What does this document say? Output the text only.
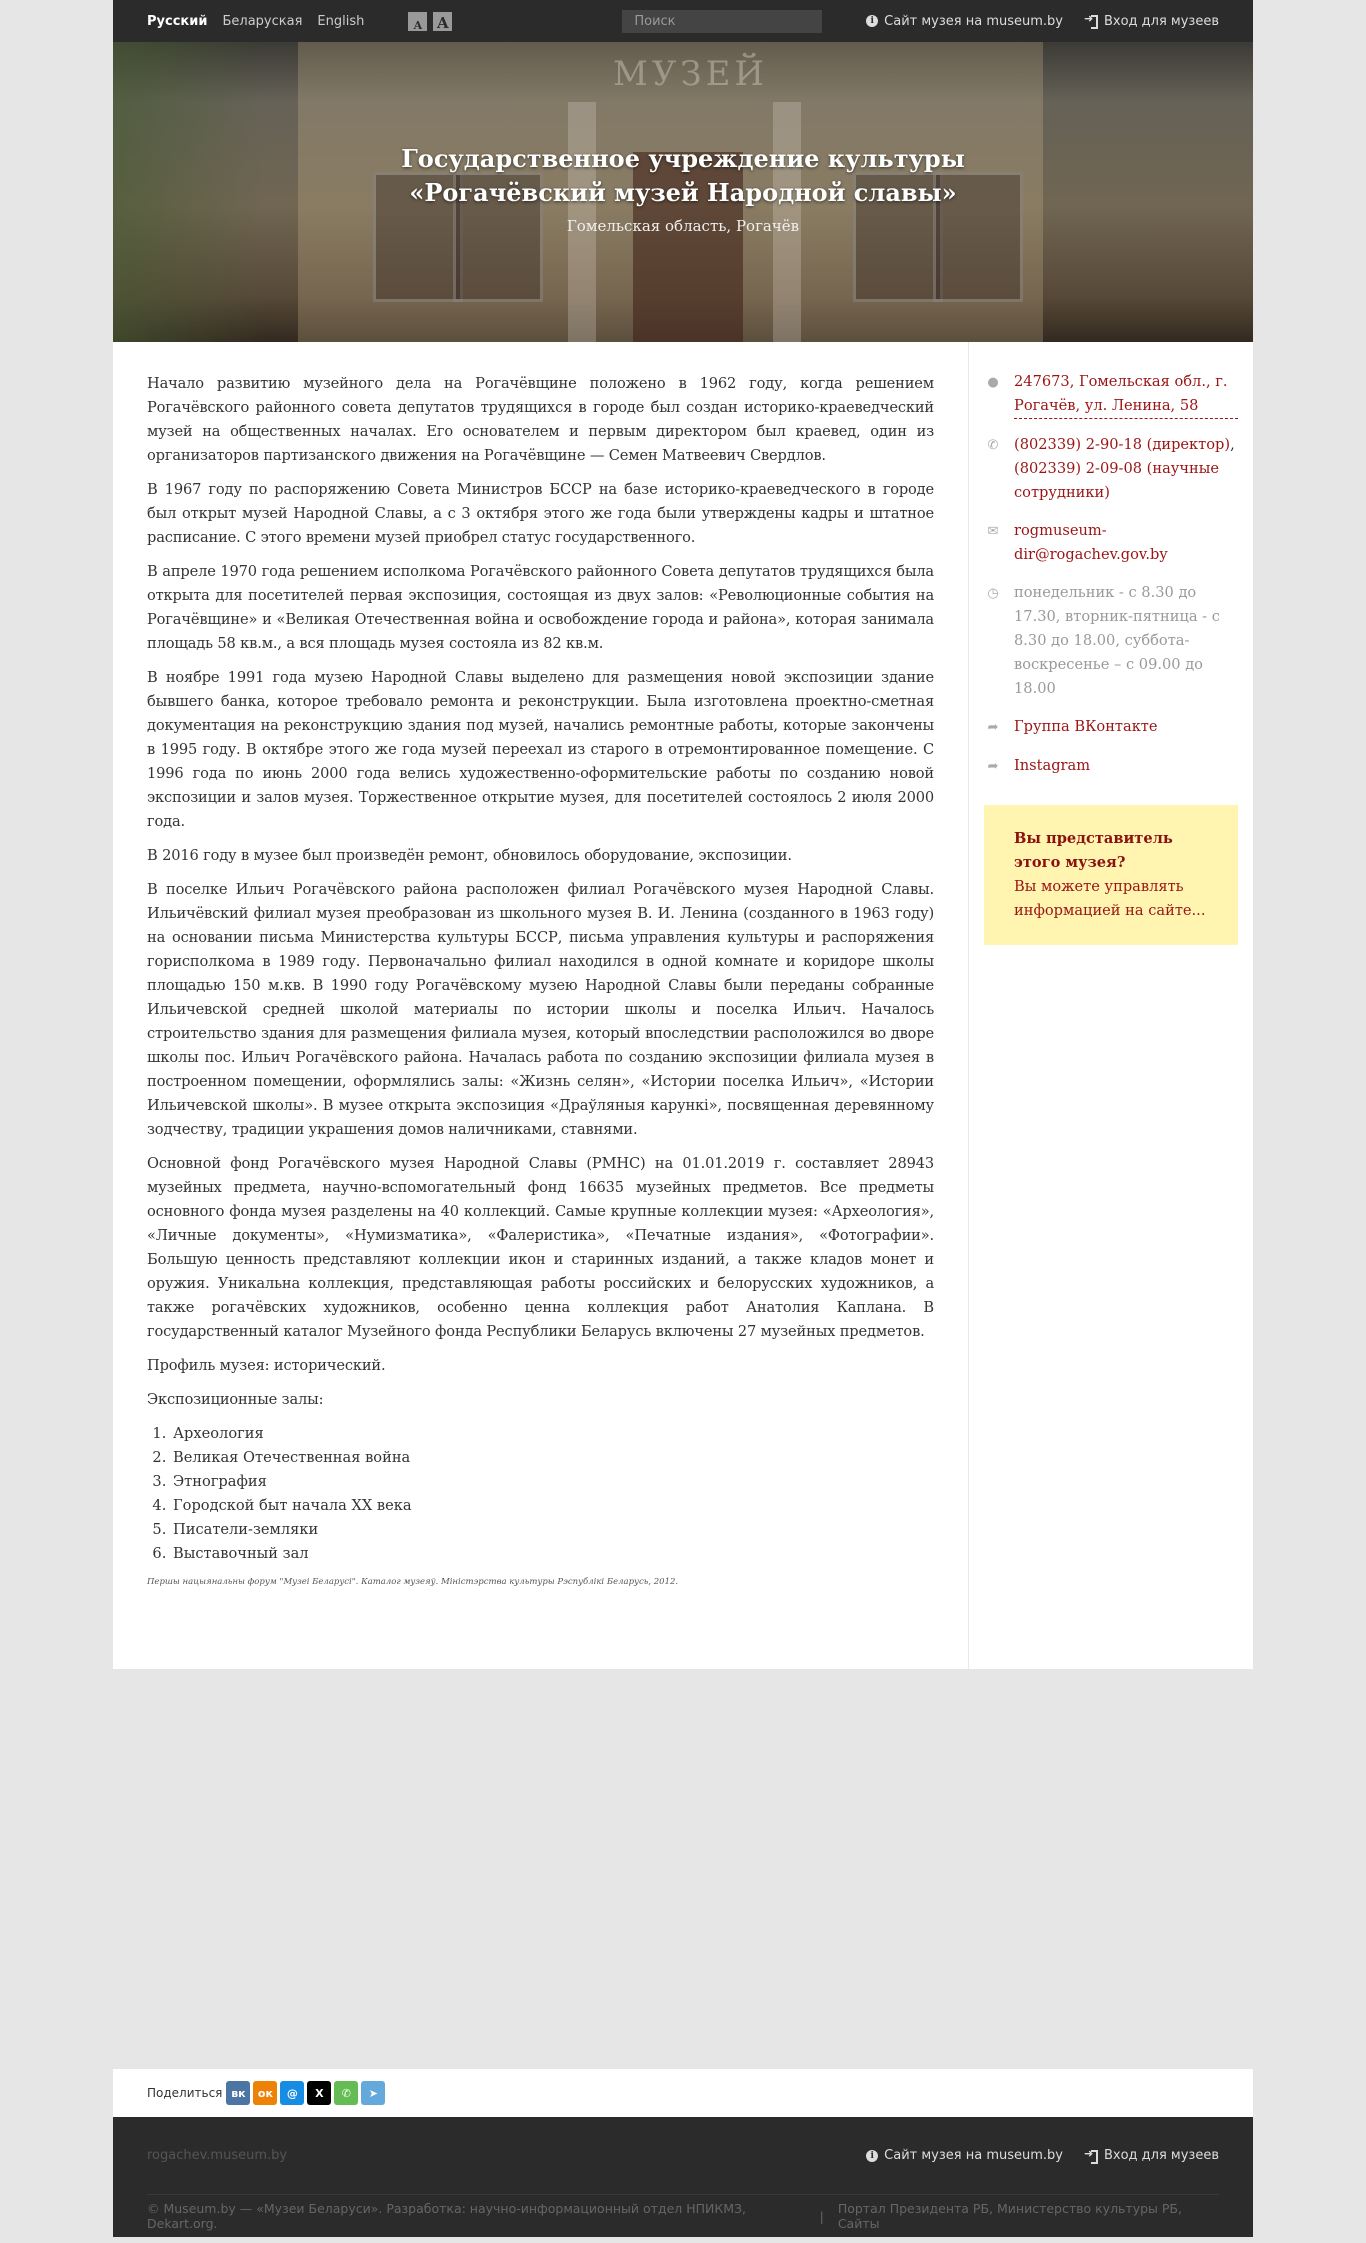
Русский Беларуская English	A A
Поиск	i Сайт музея на museum.by ➜	Вход для музеев
МУЗЕЙ
Государственное учреждение культуры «Рогачёвский музей Народной славы»
Гомельская область, Рогачёв

Начало развитию музейного дела на Рогачёвщине положено в 1962 году, когда решением Рогачёвского районного совета депутатов трудящихся в городе был создан историко-краеведческий музей на общественных началах. Его основателем и первым директором был краевед, один из организаторов партизанского движения на Рогачёвщине — Семен Матвеевич Свердлов.

В 1967 году по распоряжению Совета Министров БССР на базе историко-краеведческого в городе был открыт музей Народной Славы, а с 3 октября этого же года были утверждены кадры и штатное расписание. С этого времени музей приобрел статус государственного.

В апреле 1970 года решением исполкома Рогачёвского районного Совета депутатов трудящихся была открыта для посетителей первая экспозиция, состоящая из двух залов: «Революционные события на Рогачёвщине» и «Великая Отечественная война и освобождение города и района», которая занимала площадь 58 кв.м., а вся площадь музея состояла из 82 кв.м.

В ноябре 1991 года музею Народной Славы выделено для размещения новой экспозиции здание бывшего банка, которое требовало ремонта и реконструкции. Была изготовлена проектно-сметная документация на реконструкцию здания под музей, начались ремонтные работы, которые закончены в 1995 году. В октябре этого же года музей переехал из старого в отремонтированное помещение. С 1996 года по июнь 2000 года велись художественно-оформительские работы по созданию новой экспозиции и залов музея. Торжественное открытие музея, для посетителей состоялось 2 июля 2000 года.

В 2016 году в музее был произведён ремонт, обновилось оборудование, экспозиции.

В поселке Ильич Рогачёвского района расположен филиал Рогачёвского музея Народной Славы. Ильичёвский филиал музея преобразован из школьного музея В. И. Ленина (созданного в 1963 году) на основании письма Министерства культуры БССР, письма управления культуры и распоряжения горисполкома в 1989 году. Первоначально филиал находился в одной комнате и коридоре школы площадью 150 м.кв. В 1990 году Рогачёвскому музею Народной Славы были переданы собранные Ильичевской средней школой материалы по истории школы и поселка Ильич. Началось строительство здания для размещения филиала музея, который впоследствии расположился во дворе школы пос. Ильич Рогачёвского района. Началась работа по созданию экспозиции филиала музея в построенном помещении, оформлялись залы: «Жизнь селян», «Истории поселка Ильич», «Истории Ильичевской школы». В музее открыта экспозиция «Драўляныя карункі», посвященная деревянному зодчеству, традиции украшения домов наличниками, ставнями.

Основной фонд Рогачёвского музея Народной Славы (РМНС) на 01.01.2019 г. составляет 28943 музейных предмета, научно-вспомогательный фонд 16635 музейных предметов. Все предметы основного фонда музея разделены на 40 коллекций. Самые крупные коллекции музея: «Археология», «Личные документы», «Нумизматика», «Фалеристика», «Печатные издания», «Фотографии». Большую ценность представляют коллекции икон и старинных изданий, а также кладов монет и оружия. Уникальна коллекция, представляющая работы российских и белорусских художников, а также рогачёвских художников, особенно ценна коллекция работ Анатолия Каплана. В государственный каталог Музейного фонда Республики Беларусь включены 27 музейных предметов.

Профиль музея: исторический.

Экспозиционные залы:

1. Археология
2. Великая Отечественная война
3. Этнография
4. Городской быт начала ХХ века
5. Писатели-земляки
6. Выставочный зал
Першы нацыянальны форум "Музеі Беларусі". Каталог музеяў. Міністэрства культуры Рэспублікі Беларусь, 2012.
● 247673, Гомельская обл., г. Рогачёв, ул. Ленина, 58
✆ (802339) 2-90-18 (директор), (802339) 2-09-08 (научные сотрудники)
✉ rogmuseum-dir@rogachev.gov.by
◷ понедельник - с 8.30 до 17.30, вторник-пятница - с 8.30 до 18.00, суббота-воскресенье – с 09.00 до 18.00
➦ Группа ВКонтакте
➦ Instagram
Вы представитель этого музея?
Вы можете управлять информацией на сайте...
Поделиться вк	ок	@	X	✆	➤
rogachev.museum.by	i Сайт музея на museum.by ➜	Вход для музеев
© Museum.by — «Музеи Беларуси». Разработка: научно-информационный отдел НПИКМЗ, Dekart.org.	| Портал Президента РБ, Министерство культуры РБ, Сайты
